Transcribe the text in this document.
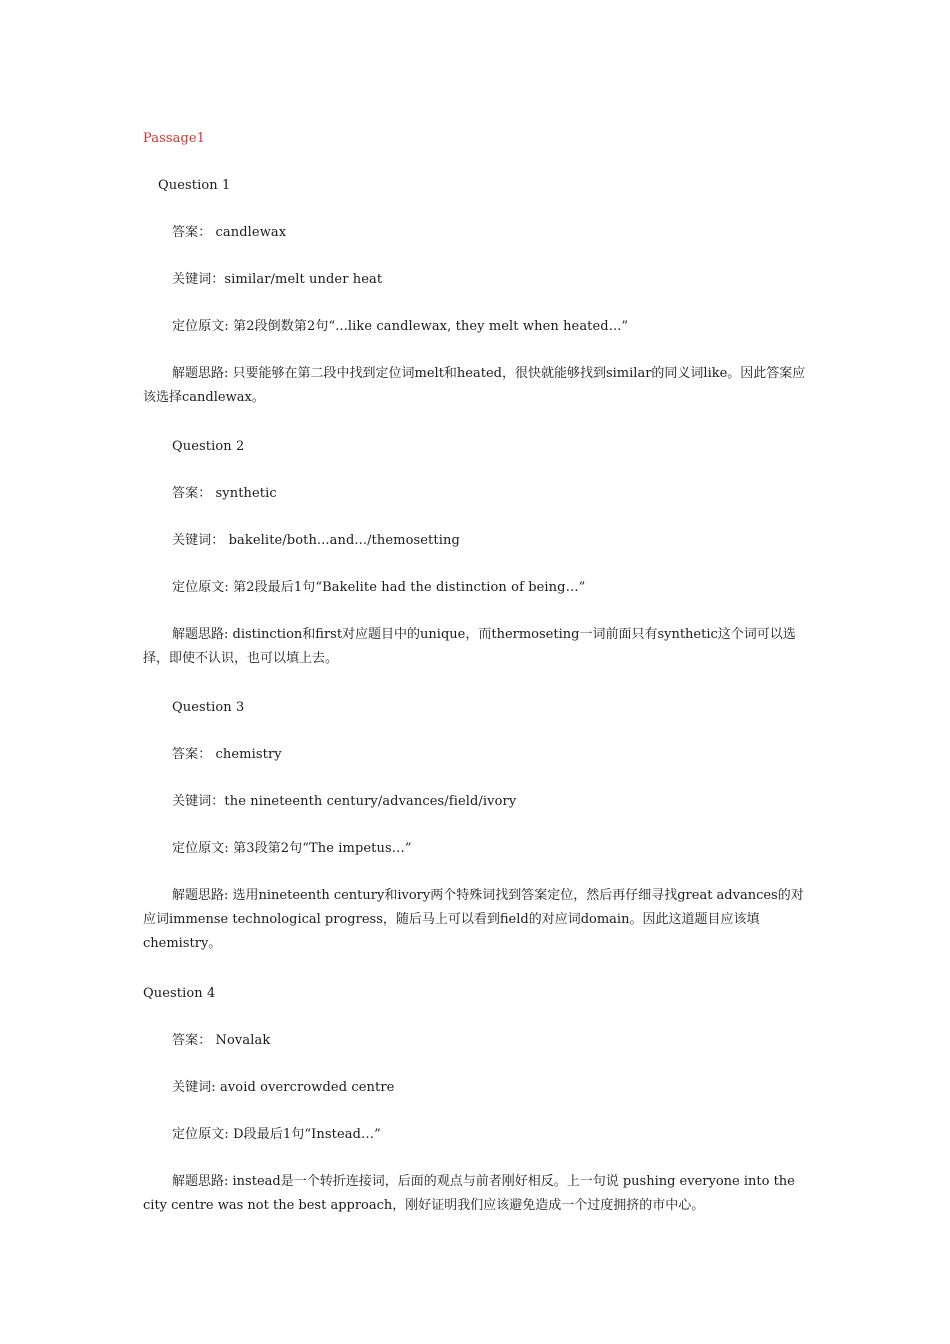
Passage1
Question 1
答案： candlewax
关键词：similar/melt under heat
定位原文: 第2段倒数第2句“...like candlewax, they melt when heated...”
解题思路: 只要能够在第二段中找到定位词melt和heated，很快就能够找到similar的同义词like。因此答案应该选择candlewax。
Question 2
答案： synthetic
关键词： bakelite/both...and.../themosetting
定位原文: 第2段最后1句“Bakelite had the distinction of being…”
解题思路: distinction和first对应题目中的unique，而thermoseting一词前面只有synthetic这个词可以选择，即使不认识，也可以填上去。
Question 3
答案： chemistry
关键词：the nineteenth century/advances/field/ivory
定位原文: 第3段第2句“The impetus…”
解题思路: 选用nineteenth century和ivory两个特殊词找到答案定位，然后再仔细寻找great advances的对应词immense technological progress，随后马上可以看到field的对应词domain。因此这道题目应该填chemistry。
Question 4
答案： Novalak
关键词: avoid overcrowded centre
定位原文: D段最后1句“Instead…”
解题思路: instead是一个转折连接词，后面的观点与前者刚好相反。上一句说 pushing everyone into the city centre was not the best approach，刚好证明我们应该避免造成一个过度拥挤的市中心。
